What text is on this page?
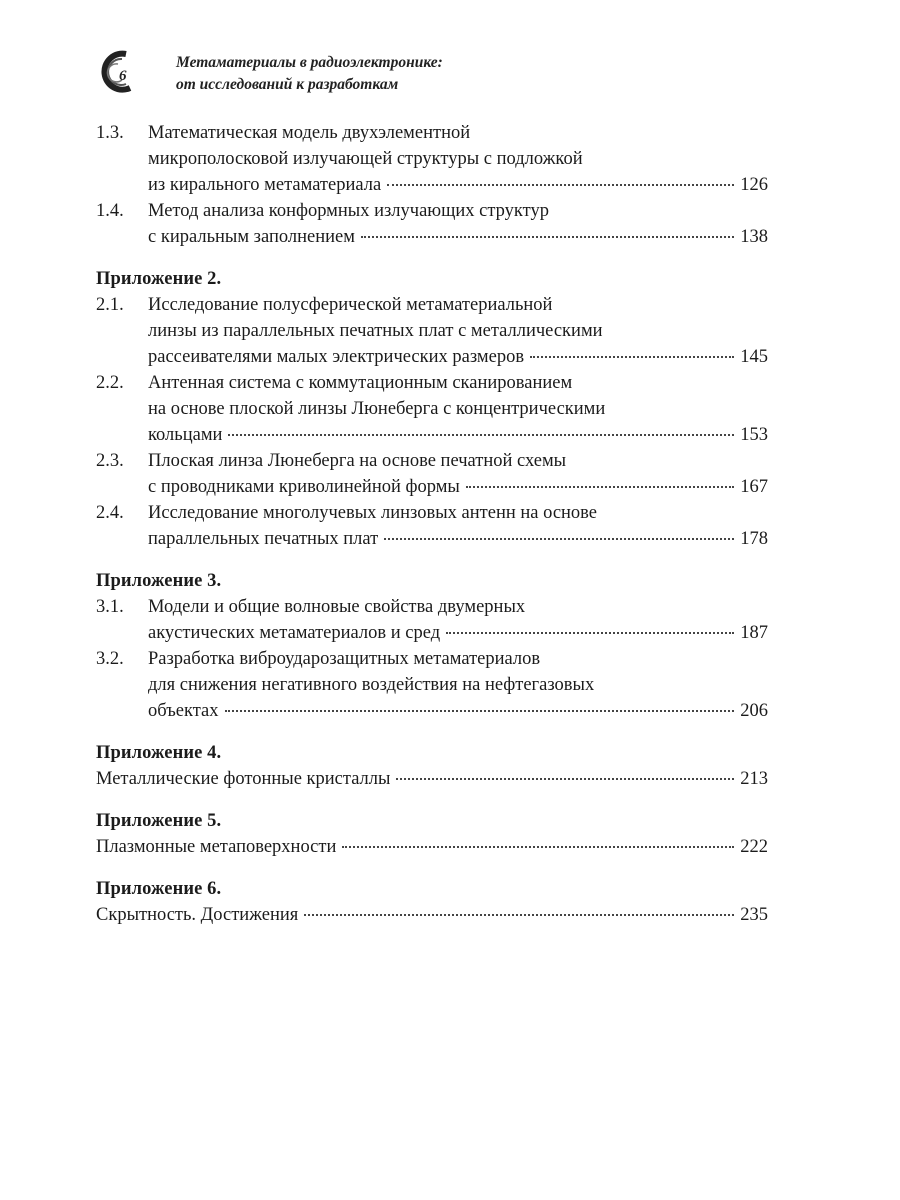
6
Метаматериалы в радиоэлектронике:
от исследований к разработкам
1.3.	Математическая модель двухэлементной
микрополосковой излучающей структуры с подложкой
из кирального метаматериала	126
1.4.	Метод анализа конформных излучающих структур
с киральным заполнением	138
Приложение 2.
2.1.	Исследование полусферической метаматериальной
линзы из параллельных печатных плат с металлическими
рассеивателями малых электрических размеров	145
2.2.	Антенная система с коммутационным сканированием
на основе плоской линзы Люнеберга с концентрическими
кольцами	153
2.3.	Плоская линза Люнеберга на основе печатной схемы
с проводниками криволинейной формы	167
2.4.	Исследование многолучевых линзовых антенн на основе
параллельных печатных плат	178
Приложение 3.
3.1.	Модели и общие волновые свойства двумерных
акустических метаматериалов и сред	187
3.2.	Разработка виброударозащитных метаматериалов
для снижения негативного воздействия на нефтегазовых
объектах	206
Приложение 4.
Металлические фотонные кристаллы	213
Приложение 5.
Плазмонные метаповерхности	222
Приложение 6.
Скрытность. Достижения	235
